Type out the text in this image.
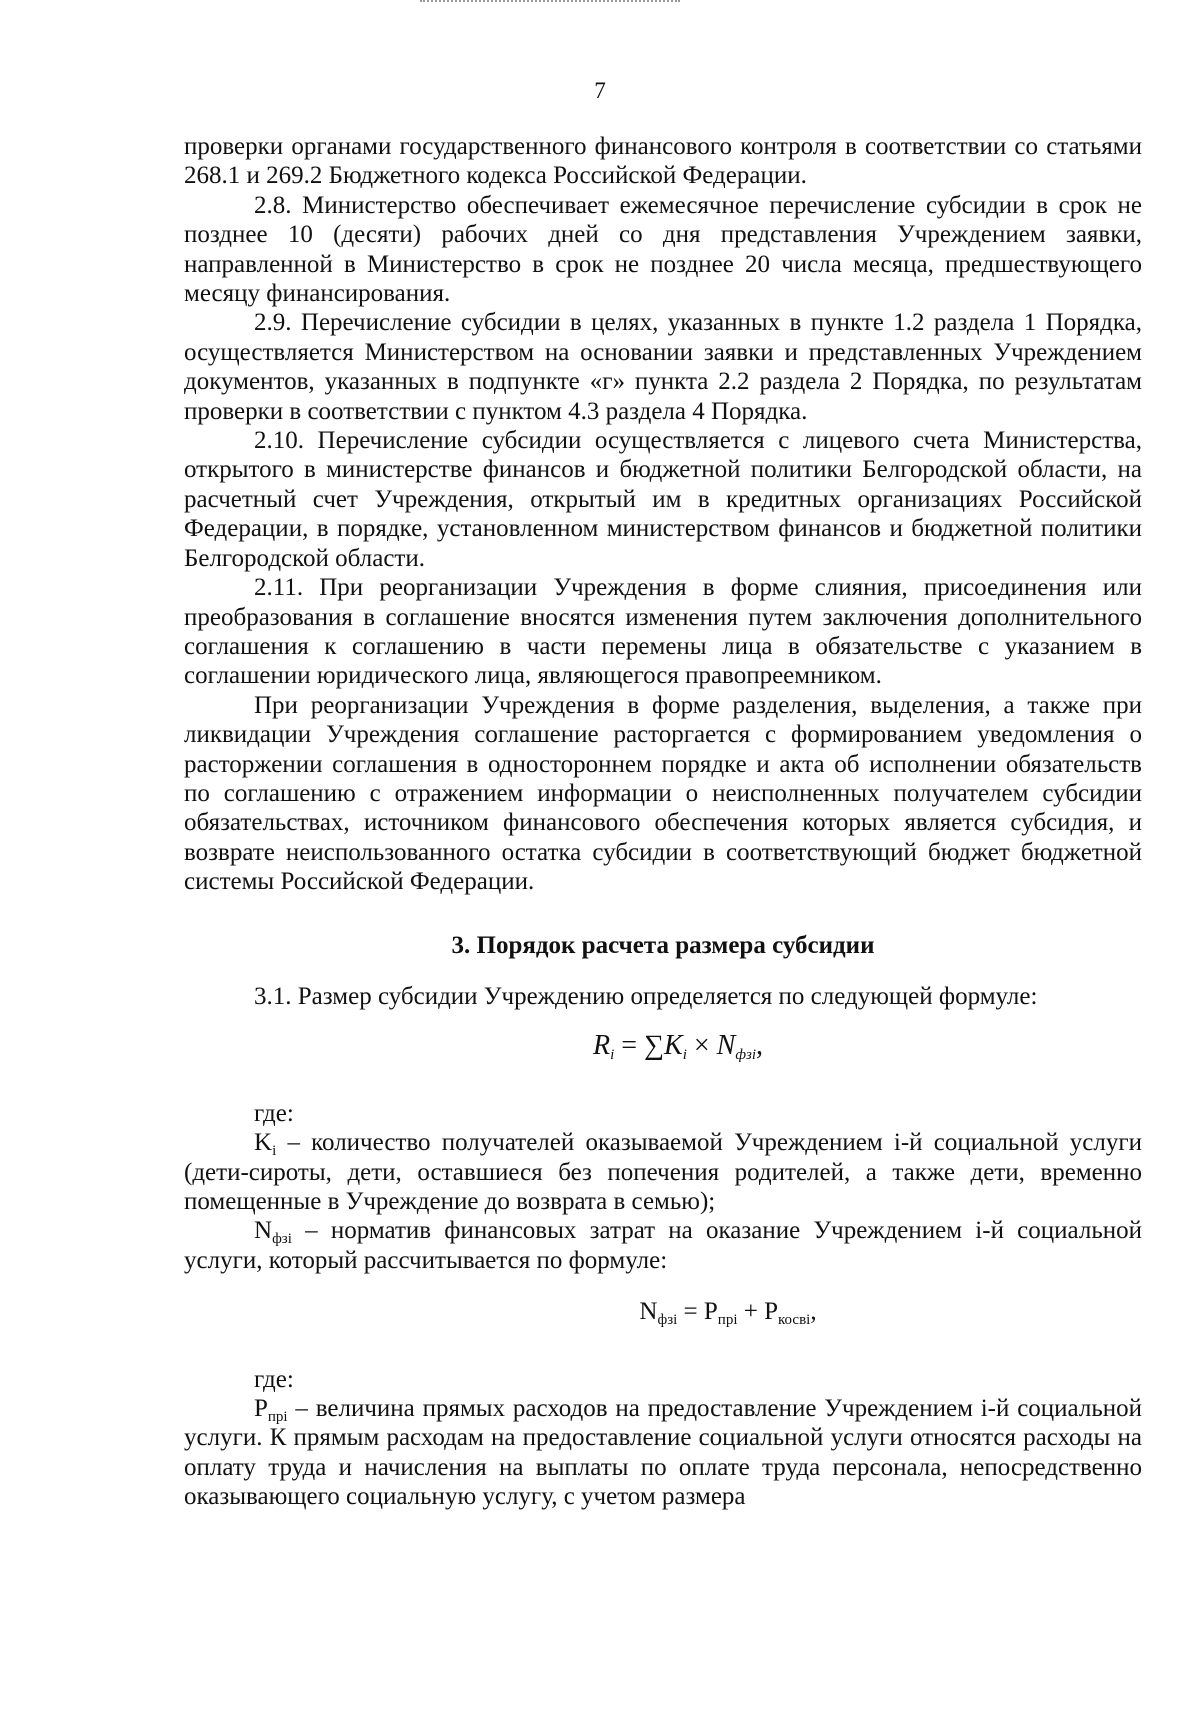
7

проверки органами государственного финансового контроля в соответствии со статьями 268.1 и 269.2 Бюджетного кодекса Российской Федерации.

2.8. Министерство обеспечивает ежемесячное перечисление субсидии в срок не позднее 10 (десяти) рабочих дней со дня представления Учреждением заявки, направленной в Министерство в срок не позднее 20 числа месяца, предшествующего месяцу финансирования.

2.9. Перечисление субсидии в целях, указанных в пункте 1.2 раздела 1 Порядка, осуществляется Министерством на основании заявки и представленных Учреждением документов, указанных в подпункте «г» пункта 2.2 раздела 2 Порядка, по результатам проверки в соответствии с пунктом 4.3 раздела 4 Порядка.

2.10. Перечисление субсидии осуществляется с лицевого счета Министерства, открытого в министерстве финансов и бюджетной политики Белгородской области, на расчетный счет Учреждения, открытый им в кредитных организациях Российской Федерации, в порядке, установленном министерством финансов и бюджетной политики Белгородской области.

2.11. При реорганизации Учреждения в форме слияния, присоединения или преобразования в соглашение вносятся изменения путем заключения дополнительного соглашения к соглашению в части перемены лица в обязательстве с указанием в соглашении юридического лица, являющегося правопреемником.

При реорганизации Учреждения в форме разделения, выделения, а также при ликвидации Учреждения соглашение расторгается с формированием уведомления о расторжении соглашения в одностороннем порядке и акта об исполнении обязательств по соглашению с отражением информации о неисполненных получателем субсидии обязательствах, источником финансового обеспечения которых является субсидия, и возврате неиспользованного остатка субсидии в соответствующий бюджет бюджетной системы Российской Федерации.

3. Порядок расчета размера субсидии

3.1. Размер субсидии Учреждению определяется по следующей формуле:

$R_i = \sum K_i \times N_{фзi}$,

где:

$K_i$ – количество получателей оказываемой Учреждением i-й социальной услуги (дети-сироты, дети, оставшиеся без попечения родителей, а также дети, временно помещенные в Учреждение до возврата в семью);

$N_{фзi}$ – норматив финансовых затрат на оказание Учреждением i-й социальной услуги, который рассчитывается по формуле:

$N_{фзi} = P_{прi} + P_{косвi}$,

где:

$P_{прi}$ – величина прямых расходов на предоставление Учреждением i-й социальной услуги. К прямым расходам на предоставление социальной услуги относятся расходы на оплату труда и начисления на выплаты по оплате труда персонала, непосредственно оказывающего социальную услугу, с учетом размера
